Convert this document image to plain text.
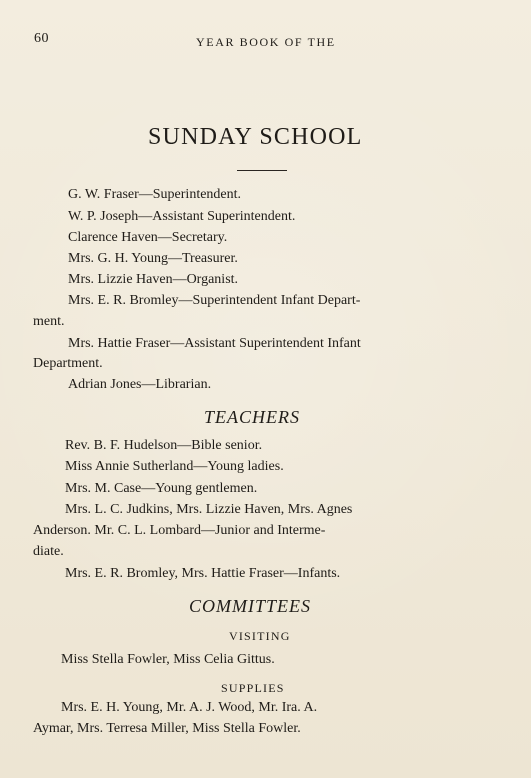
60	YEAR BOOK OF THE
SUNDAY SCHOOL
G. W. Fraser—Superintendent.
W. P. Joseph—Assistant Superintendent.
Clarence Haven—Secretary.
Mrs. G. H. Young—Treasurer.
Mrs. Lizzie Haven—Organist.
Mrs. E. R. Bromley—Superintendent Infant Depart-
ment.
Mrs. Hattie Fraser—Assistant Superintendent Infant
Department.
Adrian Jones—Librarian.
TEACHERS
Rev. B. F. Hudelson—Bible senior.
Miss Annie Sutherland—Young ladies.
Mrs. M. Case—Young gentlemen.
Mrs. L. C. Judkins, Mrs. Lizzie Haven, Mrs. Agnes
Anderson. Mr. C. L. Lombard—Junior and Interme-
diate.
Mrs. E. R. Bromley, Mrs. Hattie Fraser—Infants.
COMMITTEES
VISITING
Miss Stella Fowler, Miss Celia Gittus.
SUPPLIES
Mrs. E. H. Young, Mr. A. J. Wood, Mr. Ira. A.
Aymar, Mrs. Terresa Miller, Miss Stella Fowler.
